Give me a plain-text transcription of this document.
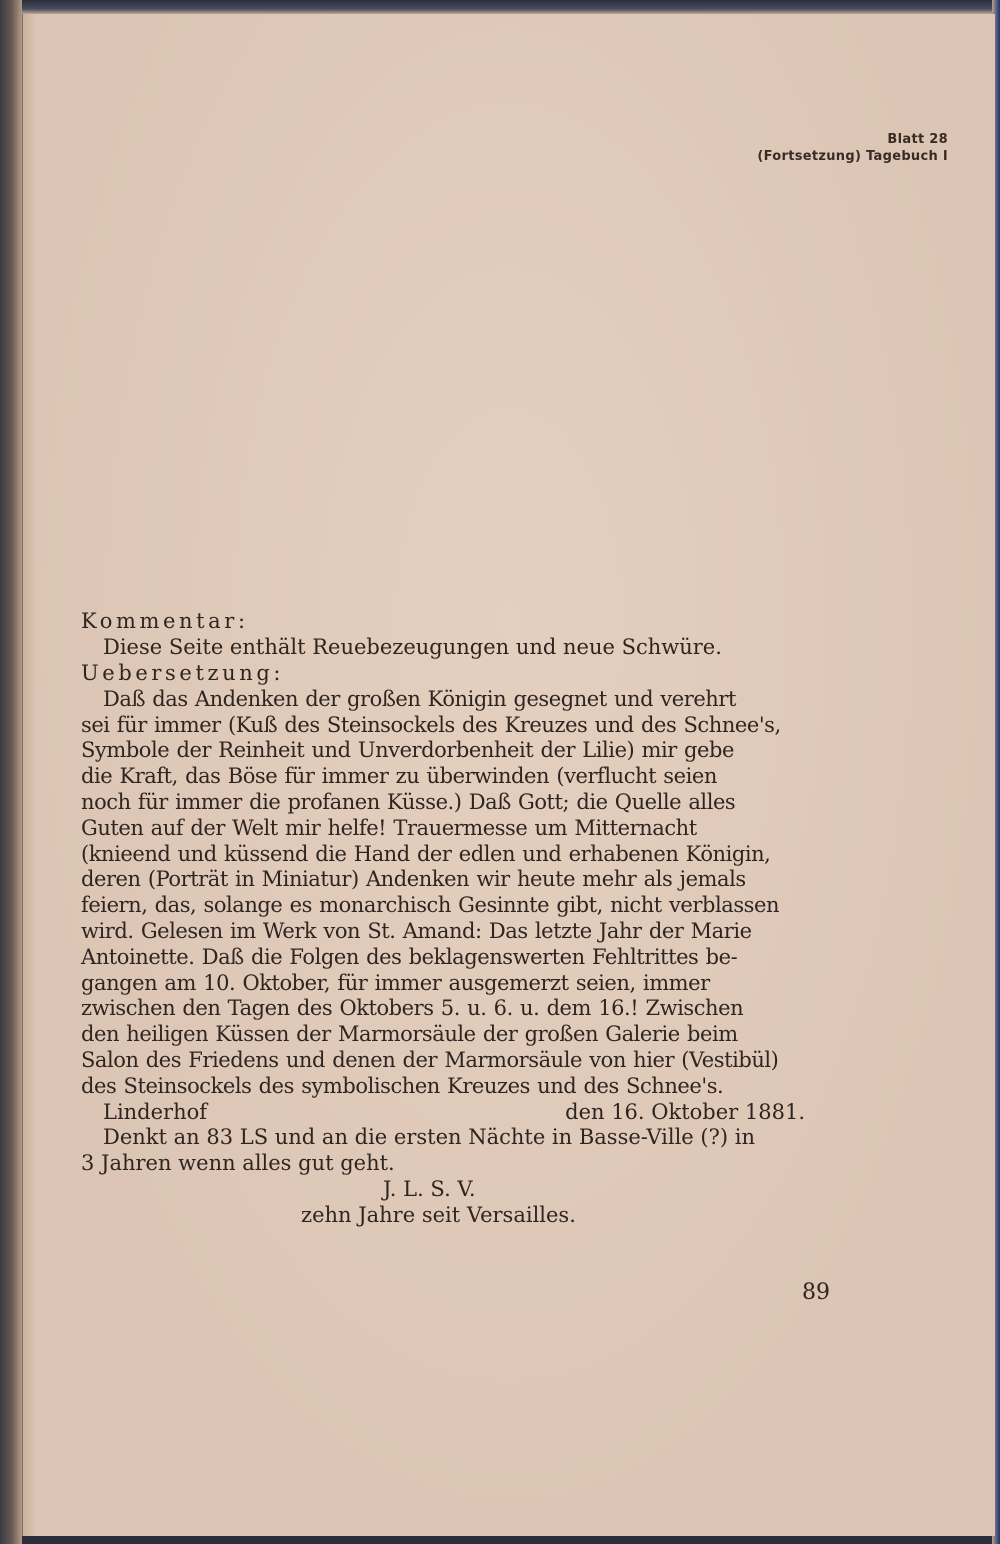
Blatt 28
(Fortsetzung) Tagebuch I
Kommentar:
Diese Seite enthält Reuebezeugungen und neue Schwüre.
Uebersetzung:
Daß das Andenken der großen Königin gesegnet und verehrt
sei für immer (Kuß des Steinsockels des Kreuzes und des Schnee's,
Symbole der Reinheit und Unverdorbenheit der Lilie) mir gebe
die Kraft, das Böse für immer zu überwinden (verflucht seien
noch für immer die profanen Küsse.) Daß Gott; die Quelle alles
Guten auf der Welt mir helfe! Trauermesse um Mitternacht
(knieend und küssend die Hand der edlen und erhabenen Königin,
deren (Porträt in Miniatur) Andenken wir heute mehr als jemals
feiern, das, solange es monarchisch Gesinnte gibt, nicht verblassen
wird. Gelesen im Werk von St. Amand: Das letzte Jahr der Marie
Antoinette. Daß die Folgen des beklagenswerten Fehltrittes be-
gangen am 10. Oktober, für immer ausgemerzt seien, immer
zwischen den Tagen des Oktobers 5. u. 6. u. dem 16.! Zwischen
den heiligen Küssen der Marmorsäule der großen Galerie beim
Salon des Friedens und denen der Marmorsäule von hier (Vestibül)
des Steinsockels des symbolischen Kreuzes und des Schnee's.
Linderhof	den 16. Oktober 1881.
Denkt an 83 LS und an die ersten Nächte in Basse-Ville (?) in
3 Jahren wenn alles gut geht.
J. L. S. V.
zehn Jahre seit Versailles.
89
